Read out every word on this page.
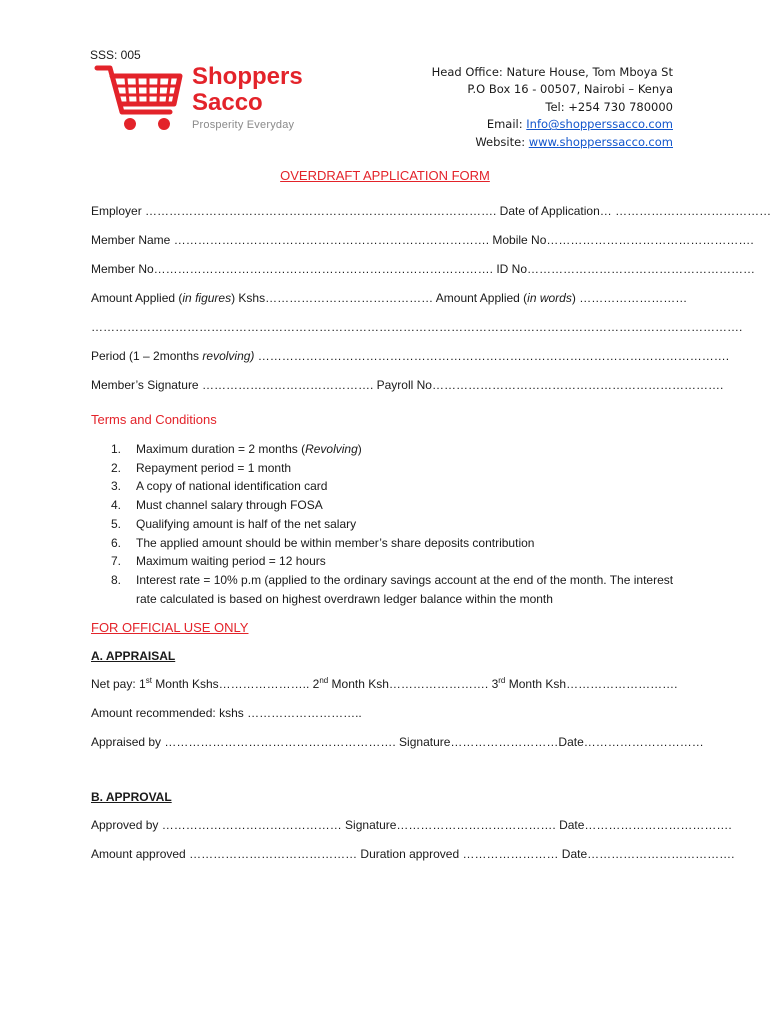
SSS: 005
Shoppers
Sacco
Prosperity Everyday
Head Office: Nature House, Tom Mboya St
P.O Box 16 - 00507, Nairobi – Kenya
Tel: +254 730 780000
Email: Info@shopperssacco.com
Website: www.shopperssacco.com
OVERDRAFT APPLICATION FORM
Employer ……………………………………………………………………………. Date of Application… …………………………………
Member Name ……………………………………………………………………. Mobile No…………………………………………….
Member No…………………………………………………………………………. ID No…………………………………………………
Amount Applied (in figures) Kshs…………………………………… Amount Applied (in words) ………………………
……………………………………………………………………………………………………………………………………………….
Period (1 – 2months revolving) ……………………………………………………………………………………………………….
Member’s Signature ……………………………………. Payroll No……………………………………………………………….
Terms and Conditions
1. Maximum duration = 2 months (Revolving)
2. Repayment period = 1 month
3. A copy of national identification card
4. Must channel salary through FOSA
5. Qualifying amount is half of the net salary
6. The applied amount should be within member’s share deposits contribution
7. Maximum waiting period = 12 hours
8. Interest rate = 10% p.m (applied to the ordinary savings account at the end of the month. The interest rate calculated is based on highest overdrawn ledger balance within the month
FOR OFFICIAL USE ONLY
A. APPRAISAL
Net pay: 1st Month Kshs………………….. 2nd Month Ksh……………………. 3rd Month Ksh……………………….
Amount recommended: kshs ………………………..
Appraised by …………………………………………………. Signature………………………Date…………………………
B. APPROVAL
Approved by ……………………………………… Signature…………………………………. Date……………………………….
Amount approved …………………………………… Duration approved …………………… Date……………………………….
